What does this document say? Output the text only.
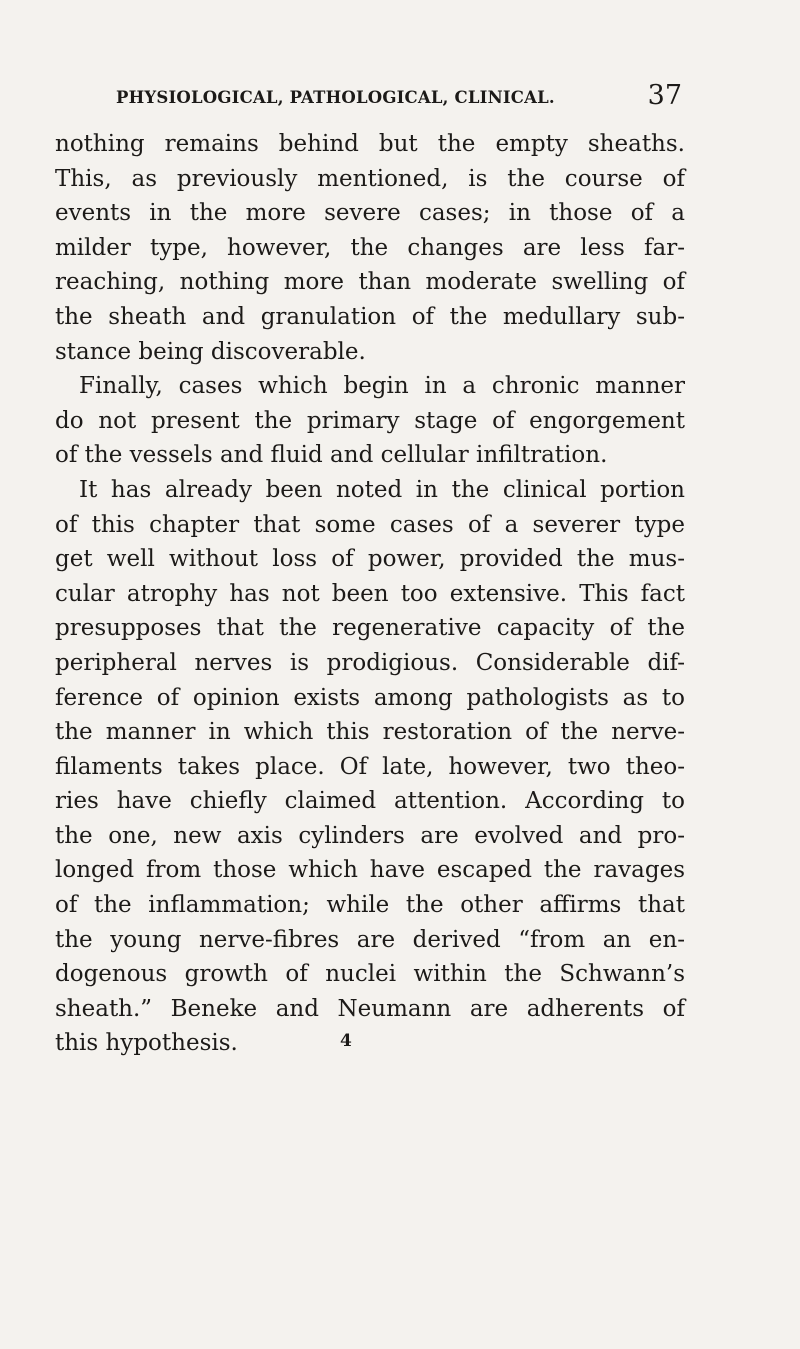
PHYSIOLOGICAL, PATHOLOGICAL, CLINICAL.	37
nothing remains behind but the empty sheaths.
This, as previously mentioned, is the course of
events in the more severe cases; in those of a
milder type, however, the changes are less far-
reaching, nothing more than moderate swelling of
the sheath and granulation of the medullary sub-
stance being discoverable.
Finally, cases which begin in a chronic manner
do not present the primary stage of engorgement
of the vessels and fluid and cellular infiltration.
It has already been noted in the clinical portion
of this chapter that some cases of a severer type
get well without loss of power, provided the mus-
cular atrophy has not been too extensive. This fact
presupposes that the regenerative capacity of the
peripheral nerves is prodigious. Considerable dif-
ference of opinion exists among pathologists as to
the manner in which this restoration of the nerve-
filaments takes place. Of late, however, two theo-
ries have chiefly claimed attention. According to
the one, new axis cylinders are evolved and pro-
longed from those which have escaped the ravages
of the inflammation; while the other affirms that
the young nerve-fibres are derived “from an en-
dogenous growth of nuclei within the Schwann’s
sheath.” Beneke and Neumann are adherents of
this hypothesis.	4
